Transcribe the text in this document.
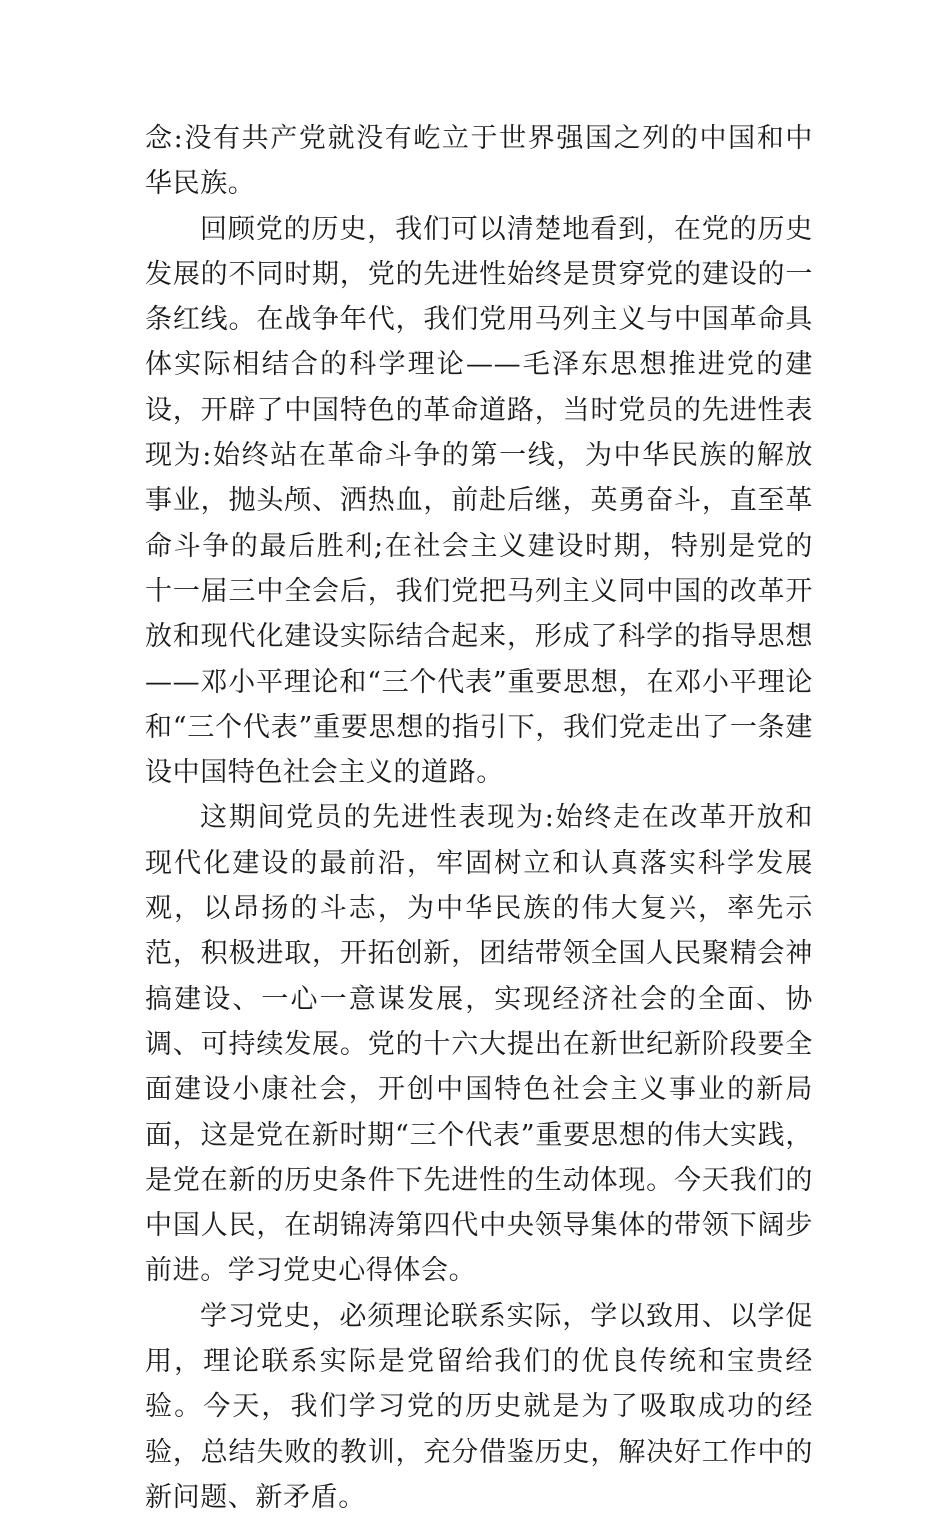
念:没有共产党就没有屹立于世界强国之列的中国和中华民族。

回顾党的历史，我们可以清楚地看到，在党的历史发展的不同时期，党的先进性始终是贯穿党的建设的一条红线。在战争年代，我们党用马列主义与中国革命具体实际相结合的科学理论——毛泽东思想推进党的建设，开辟了中国特色的革命道路，当时党员的先进性表现为:始终站在革命斗争的第一线，为中华民族的解放事业，抛头颅、洒热血，前赴后继，英勇奋斗，直至革命斗争的最后胜利;在社会主义建设时期，特别是党的十一届三中全会后，我们党把马列主义同中国的改革开放和现代化建设实际结合起来，形成了科学的指导思想——邓小平理论和“三个代表”重要思想，在邓小平理论和“三个代表”重要思想的指引下，我们党走出了一条建设中国特色社会主义的道路。

这期间党员的先进性表现为:始终走在改革开放和现代化建设的最前沿，牢固树立和认真落实科学发展观，以昂扬的斗志，为中华民族的伟大复兴，率先示范，积极进取，开拓创新，团结带领全国人民聚精会神搞建设、一心一意谋发展，实现经济社会的全面、协调、可持续发展。党的十六大提出在新世纪新阶段要全面建设小康社会，开创中国特色社会主义事业的新局面，这是党在新时期“三个代表”重要思想的伟大实践，是党在新的历史条件下先进性的生动体现。今天我们的中国人民，在胡锦涛第四代中央领导集体的带领下阔步前进。学习党史心得体会。

学习党史，必须理论联系实际，学以致用、以学促用，理论联系实际是党留给我们的优良传统和宝贵经验。今天，我们学习党的历史就是为了吸取成功的经验，总结失败的教训，充分借鉴历史，解决好工作中的新问题、新矛盾。
